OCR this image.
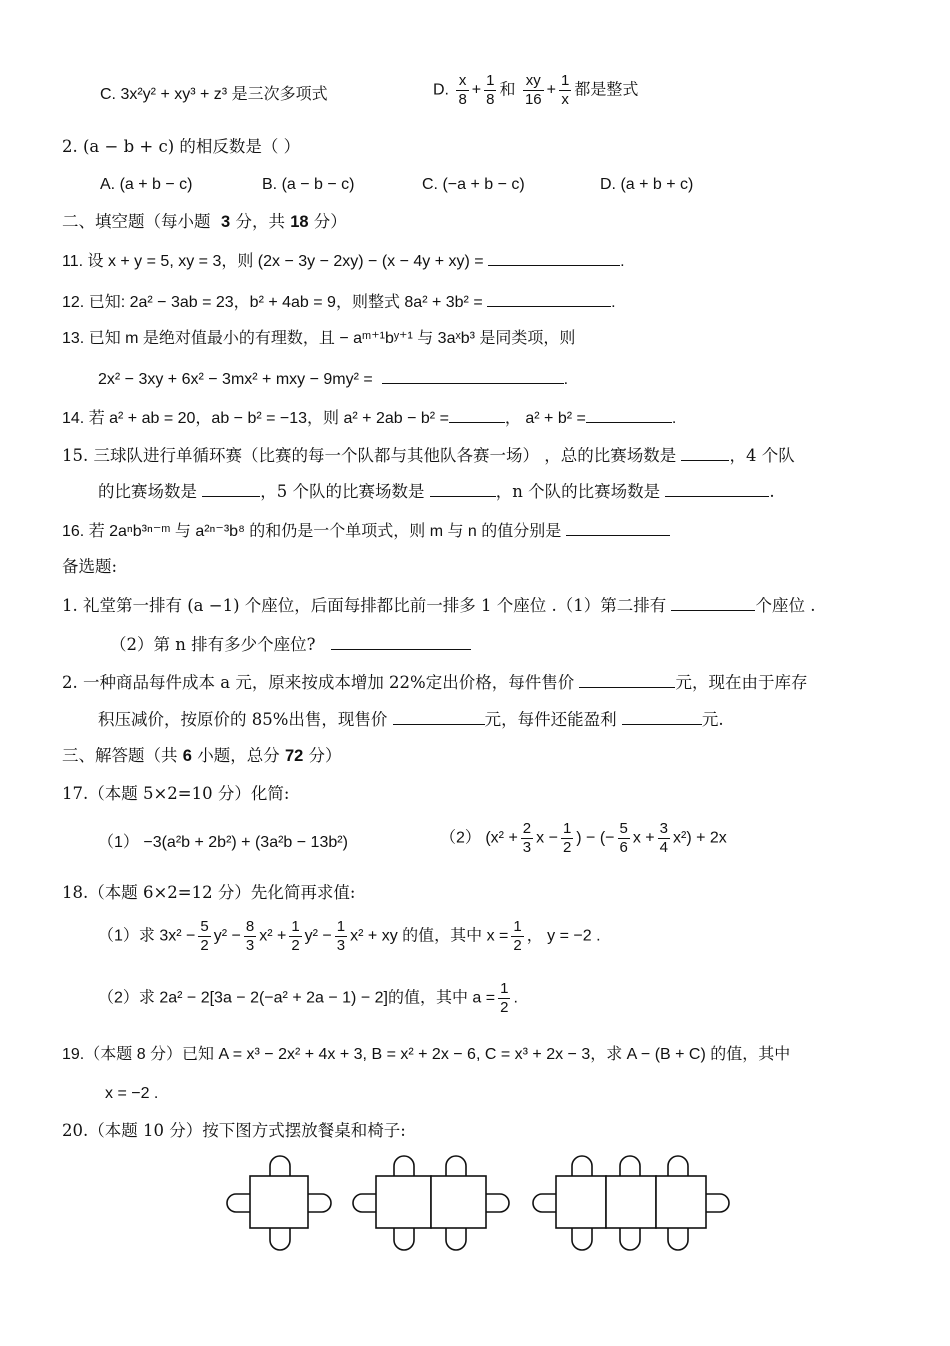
C. 3x²y² + xy³ + z³ 是三次多项式	D. $\frac{x}{8} + \frac{1}{8}$ 和 $\frac{xy}{16} + \frac{1}{x}$ 都是整式
2. (a − b + c) 的相反数是（ ）
A. (a + b − c)	B. (a − b − c)	C. (−a + b − c)	D. (a + b + c)
二、填空题（每小题 3 分，共 18 分）
11. 设 x + y = 5, xy = 3，则 (2x − 3y − 2xy) − (x − 4y + xy) =	.
12. 已知: 2a² − 3ab = 23，b² + 4ab = 9，则整式 8a² + 3b² =	.
13. 已知 m 是绝对值最小的有理数，且 − aᵐ⁺¹bʸ⁺¹ 与 3aˣb³ 是同类项，则
2x² − 3xy + 6x² − 3mx² + mxy − 9my² =	.
14. 若 a² + ab = 20，ab − b² = −13，则 a² + 2ab − b² =	， a² + b² =	.
15. 三球队进行单循环赛（比赛的每一个队都与其他队各赛一场） ，总的比赛场数是	，4 个队
的比赛场数是	，5 个队的比赛场数是	，n 个队的比赛场数是	.
16. 若 2aⁿb³ⁿ⁻ᵐ 与 a²ⁿ⁻³b⁸ 的和仍是一个单项式，则 m 与 n 的值分别是
备选题:
1. 礼堂第一排有 (a −1) 个座位，后面每排都比前一排多 1 个座位 .（1）第二排有	个座位 .
（2）第 n 排有多少个座位?
2. 一种商品每件成本 a 元，原来按成本增加 22%定出价格，每件售价	元，现在由于库存
积压减价，按原价的 85%出售，现售价	元，每件还能盈利	元.
三、解答题（共 6 小题，总分 72 分）
17.（本题 5×2=10 分）化简:
（1） −3(a²b + 2b²) + (3a²b − 13b²)	（2） ($x^2 + \frac{2}{3}$ $x - \frac{1}{2}$ ) − (− $\frac{5}{6}$ $x + \frac{3}{4} x^2) + 2x$
18.（本题 6×2=12 分）先化简再求值:
（1）求 $3x^2 - \frac{5}{2} y^2 - \frac{8}{3} x^2 + \frac{1}{2} y^2 - \frac{1}{3} x^2$ + xy 的值，其中 $x = \frac{1}{2}$ ， y = −2 .
（2）求 2a² − 2[3a − 2(−a² + 2a − 1) − 2]的值，其中 $a = \frac{1}{2}$ .
19.（本题 8 分）已知 A = x³ − 2x² + 4x + 3, B = x² + 2x − 6, C = x³ + 2x − 3，求 A − (B + C) 的值，其中
x = −2 .
20.（本题 10 分）按下图方式摆放餐桌和椅子:
